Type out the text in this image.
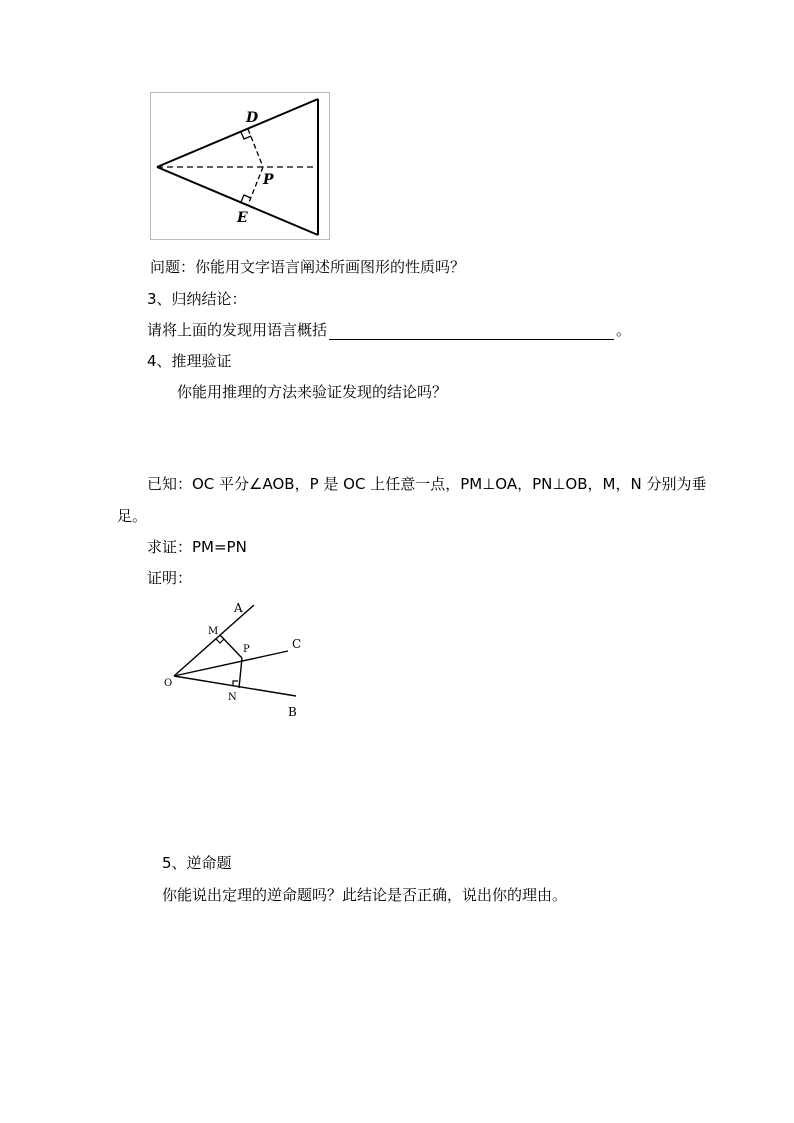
D
P
E
问题：你能用文字语言阐述所画图形的性质吗？
3、归纳结论：
请将上面的发现用语言概括	。
4、推理验证
你能用推理的方法来验证发现的结论吗？
已知：OC 平分∠AOB，P 是 OC 上任意一点，PM⊥OA，PN⊥OB，M，N 分别为垂
足。
求证：PM=PN
证明：
A
M
P	C
O
N
B
5、逆命题
你能说出定理的逆命题吗？此结论是否正确，说出你的理由。
